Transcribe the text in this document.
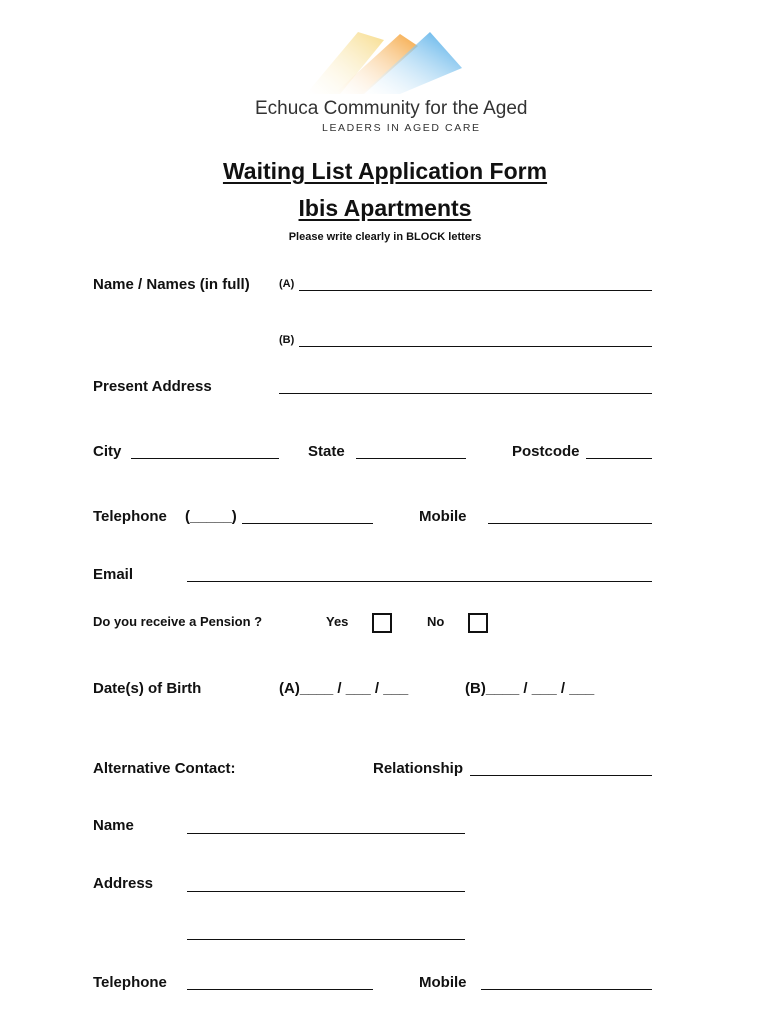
Echuca Community for the Aged
LEADERS IN AGED CARE
Waiting List Application Form
Ibis Apartments
Please write clearly in BLOCK letters
Name / Names (in full)	(A)
(B)
Present Address
City	State	Postcode
Telephone (_____)	Mobile
Email
Do you receive a Pension ?	Yes	No
Date(s) of Birth	(A)____ / ___ / ___	(B)____ / ___ / ___
Alternative Contact:	Relationship
Name
Address
Telephone	Mobile
